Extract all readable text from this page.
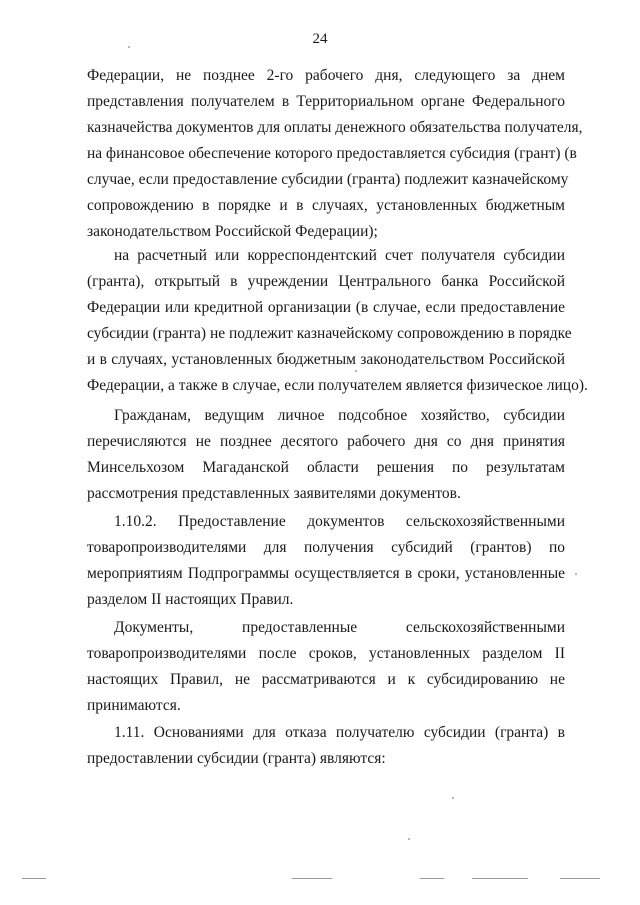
24
Федерации, не позднее 2-го рабочего дня, следующего за днем
представления получателем в Территориальном органе Федерального
казначейства документов для оплаты денежного обязательства получателя,
на финансовое обеспечение которого предоставляется субсидия (грант) (в
случае, если предоставление субсидии (гранта) подлежит казначейскому
сопровождению в порядке и в случаях, установленных бюджетным
законодательством Российской Федерации);
на расчетный или корреспондентский счет получателя субсидии
(гранта), открытый в учреждении Центрального банка Российской
Федерации или кредитной организации (в случае, если предоставление
субсидии (гранта) не подлежит казначейскому сопровождению в порядке
и в случаях, установленных бюджетным законодательством Российской
Федерации, а также в случае, если получателем является физическое лицо).
Гражданам, ведущим личное подсобное хозяйство, субсидии
перечисляются не позднее десятого рабочего дня со дня принятия
Минсельхозом Магаданской области решения по результатам
рассмотрения представленных заявителями документов.
1.10.2. Предоставление документов сельскохозяйственными
товаропроизводителями для получения субсидий (грантов) по
мероприятиям Подпрограммы осуществляется в сроки, установленные
разделом II настоящих Правил.
Документы, предоставленные сельскохозяйственными
товаропроизводителями после сроков, установленных разделом II
настоящих Правил, не рассматриваются и к субсидированию не
принимаются.
1.11. Основаниями для отказа получателю субсидии (гранта) в
предоставлении субсидии (гранта) являются:
